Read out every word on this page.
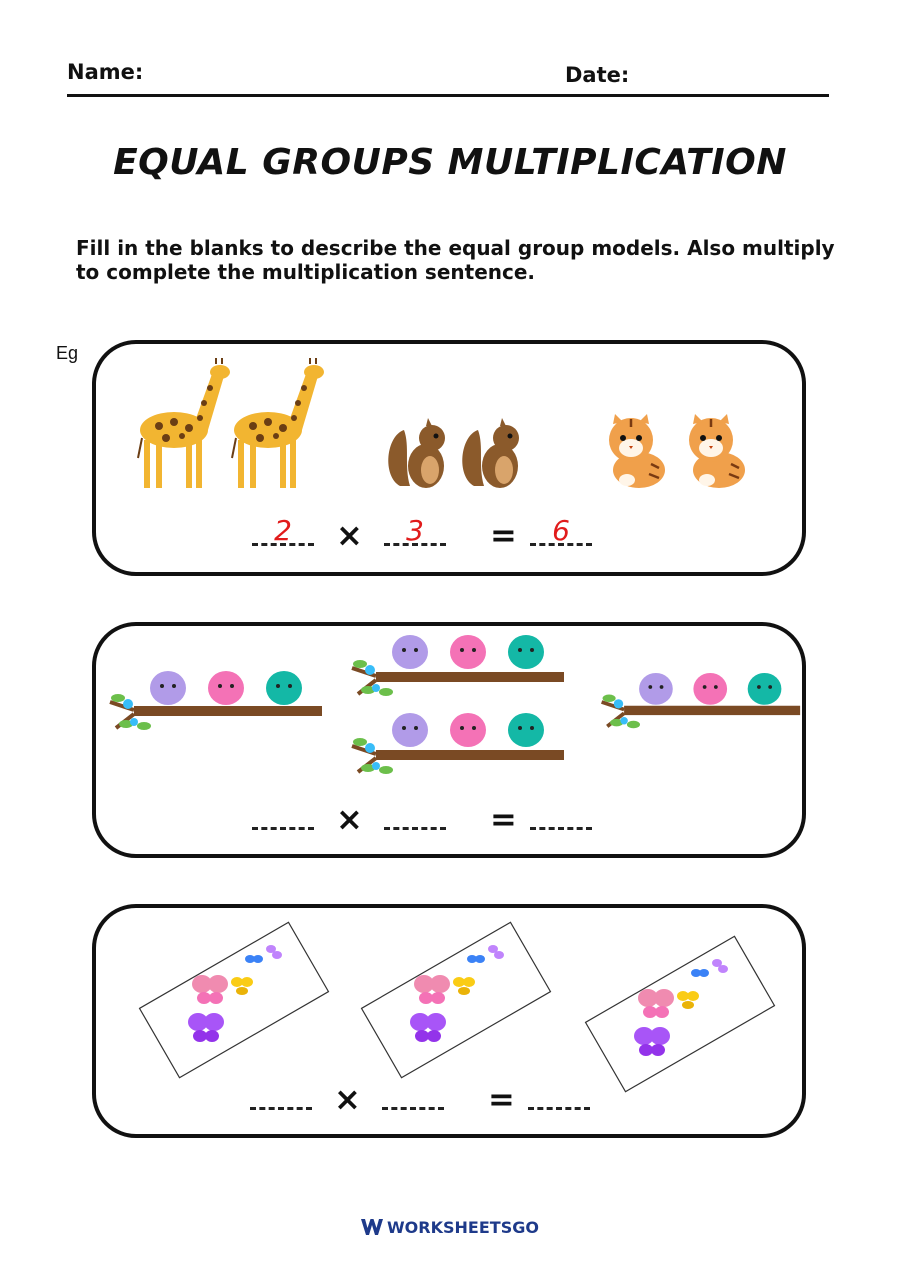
Name:	Date:
EQUAL GROUPS MULTIPLICATION
Fill in the blanks to describe the equal group models. Also multiply to complete the multiplication sentence.
Eg
2	×	3	=	6
×	=
×	=
WORKSHEETSGO
